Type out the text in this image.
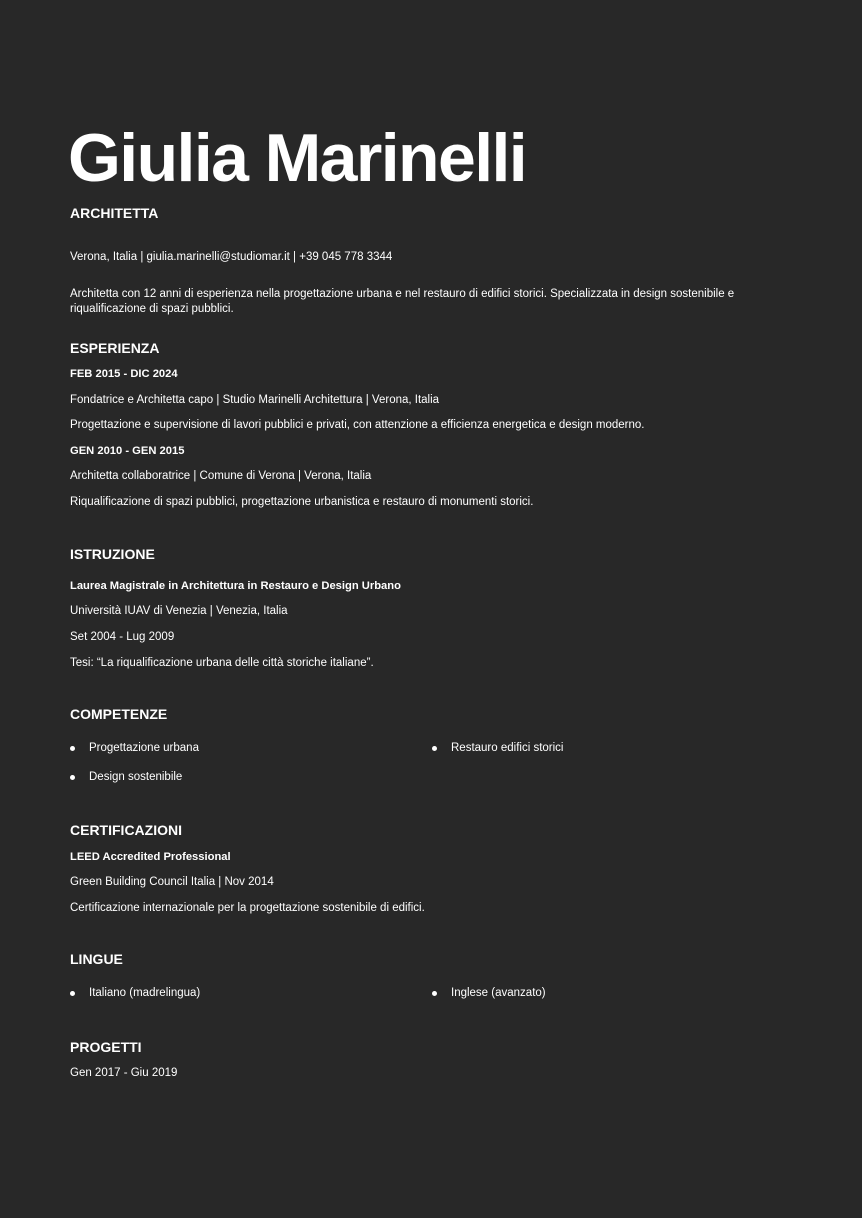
Giulia Marinelli
ARCHITETTA
Verona, Italia | giulia.marinelli@studiomar.it | +39 045 778 3344
Architetta con 12 anni di esperienza nella progettazione urbana e nel restauro di edifici storici. Specializzata in design sostenibile e riqualificazione di spazi pubblici.
ESPERIENZA
FEB 2015 - DIC 2024
Fondatrice e Architetta capo | Studio Marinelli Architettura | Verona, Italia
Progettazione e supervisione di lavori pubblici e privati, con attenzione a efficienza energetica e design moderno.
GEN 2010 - GEN 2015
Architetta collaboratrice | Comune di Verona | Verona, Italia
Riqualificazione di spazi pubblici, progettazione urbanistica e restauro di monumenti storici.
ISTRUZIONE
Laurea Magistrale in Architettura in Restauro e Design Urbano
Università IUAV di Venezia | Venezia, Italia
Set 2004 - Lug 2009
Tesi: “La riqualificazione urbana delle città storiche italiane”.
COMPETENZE
Progettazione urbana	Restauro edifici storici
Design sostenibile
CERTIFICAZIONI
LEED Accredited Professional
Green Building Council Italia | Nov 2014
Certificazione internazionale per la progettazione sostenibile di edifici.
LINGUE
Italiano (madrelingua)	Inglese (avanzato)
PROGETTI
Gen 2017 - Giu 2019
